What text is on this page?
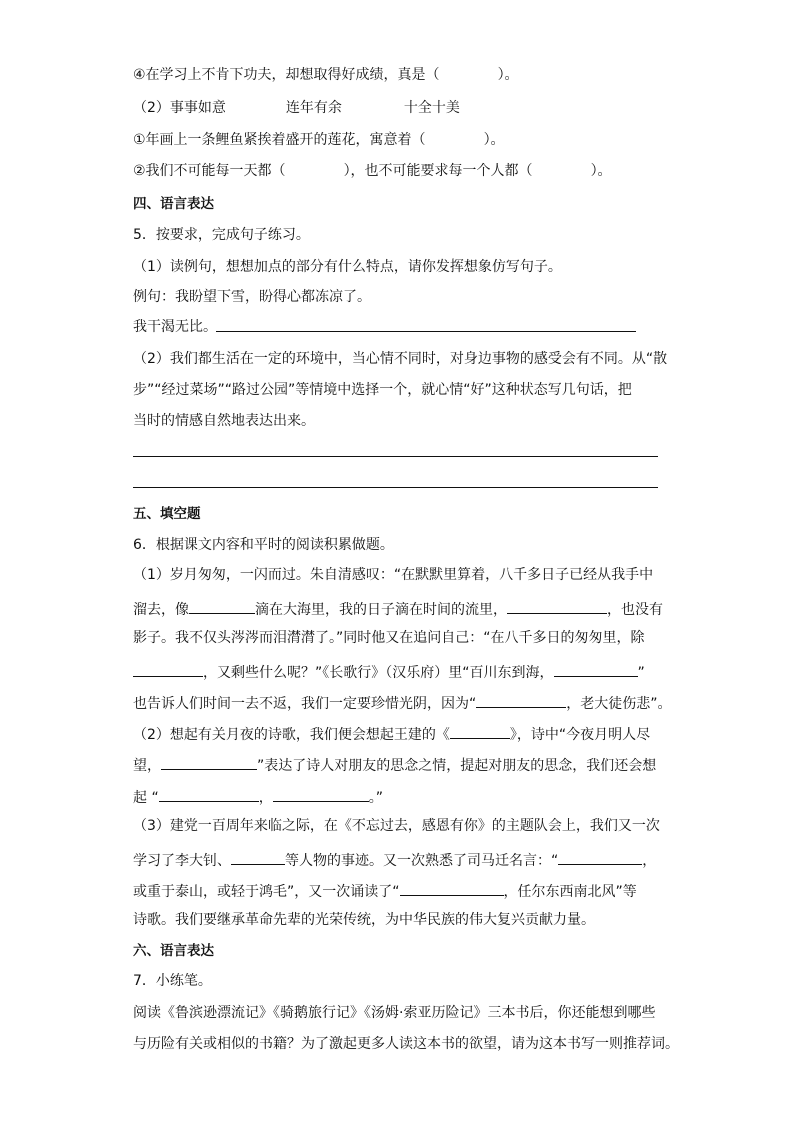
④在学习上不肯下功夫，却想取得好成绩，真是（	）。
（2）事事如意	连年有余	十全十美
①年画上一条鲤鱼紧挨着盛开的莲花，寓意着（	）。
②我们不可能每一天都（	），也不可能要求每一个人都（	）。
四、语言表达
5．按要求，完成句子练习。
（1）读例句，想想加点的部分有什么特点，请你发挥想象仿写句子。
例句：我盼望下雪，盼得心都冻凉了。
我干渴无比。
（2）我们都生活在一定的环境中，当心情不同时，对身边事物的感受会有不同。从“散
步”“经过菜场”“路过公园”等情境中选择一个，就心情“好”这种状态写几句话，把
当时的情感自然地表达出来。
五、填空题
6．根据课文内容和平时的阅读积累做题。
（1）岁月匆匆，一闪而过。朱自清感叹：“在默默里算着，八千多日子已经从我手中
溜去，像	滴在大海里，我的日子滴在时间的流里，	，也没有
影子。我不仅头涔涔而泪潸潸了。”同时他又在追问自己：“在八千多日的匆匆里，除
，又剩些什么呢？”《长歌行》（汉乐府）里“百川东到海，	”
也告诉人们时间一去不返，我们一定要珍惜光阴，因为“	，老大徒伤悲”。
（2）想起有关月夜的诗歌，我们便会想起王建的《	》，诗中“今夜月明人尽
望，	”表达了诗人对朋友的思念之情，提起对朋友的思念，我们还会想
起 “	，	。”
（3）建党一百周年来临之际，在《不忘过去，感恩有你》的主题队会上，我们又一次
学习了李大钊、	等人物的事迹。又一次熟悉了司马迁名言：“	，
或重于泰山，或轻于鸿毛”，又一次诵读了“	，任尔东西南北风”等
诗歌。我们要继承革命先辈的光荣传统，为中华民族的伟大复兴贡献力量。
六、语言表达
7．小练笔。
阅读《鲁滨逊漂流记》《骑鹅旅行记》《汤姆·索亚历险记》三本书后，你还能想到哪些
与历险有关或相似的书籍？为了激起更多人读这本书的欲望，请为这本书写一则推荐词。
